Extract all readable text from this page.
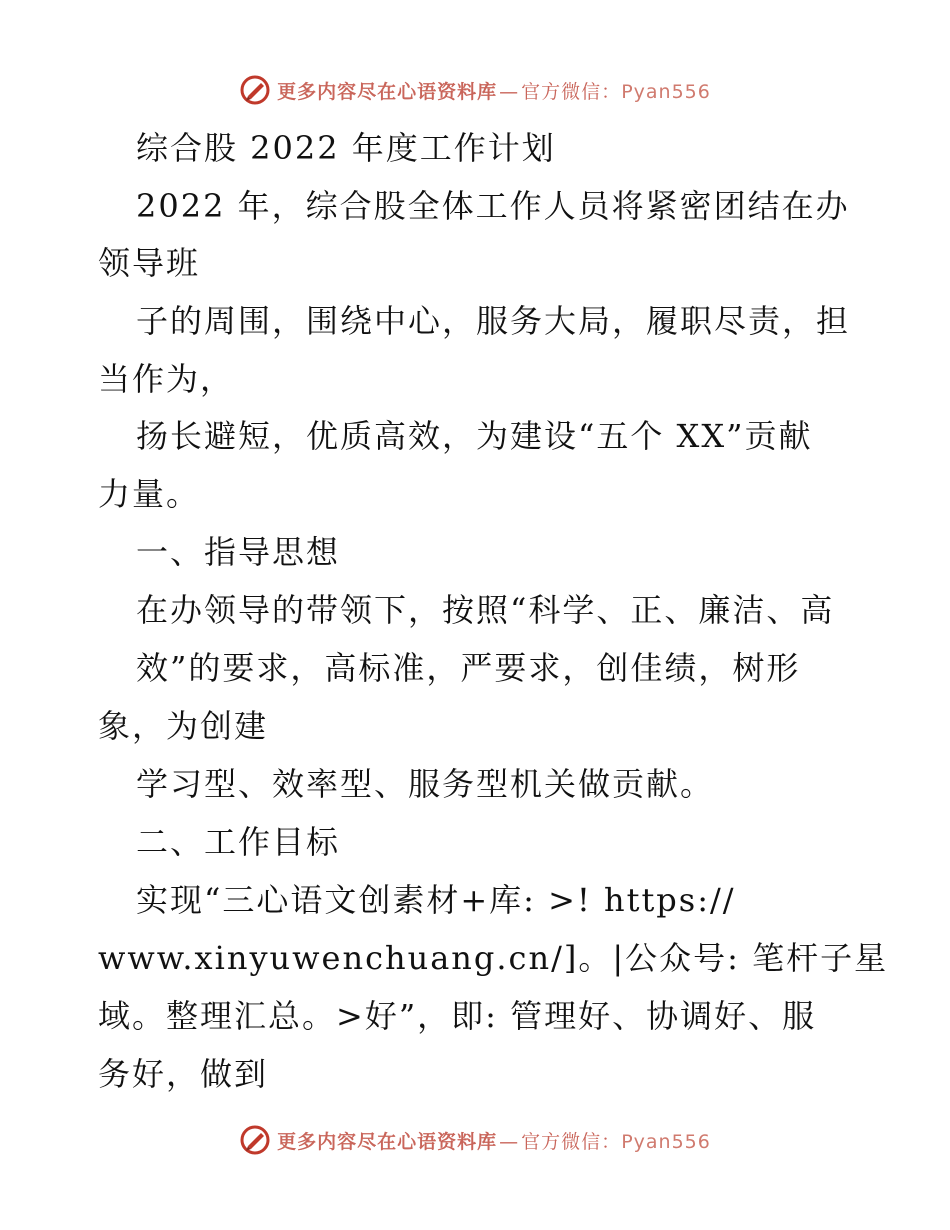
更多内容尽在心语资料库 — 官方微信：Pyan556
综合股 2022 年度工作计划
2022 年，综合股全体工作人员将紧密团结在办
领导班
子的周围，围绕中心，服务大局，履职尽责，担
当作为，
扬长避短，优质高效，为建设“五个 XX”贡献
力量。
一、指导思想
在办领导的带领下，按照“科学、正、廉洁、高
效”的要求，高标准，严要求，创佳绩，树形
象，为创建
学习型、效率型、服务型机关做贡献。
二、工作目标
实现“三心语文创素材+库: >! https://
www.xinyuwenchuang.cn/]。|公众号: 笔杆子星
域。整理汇总。>好”，即: 管理好、协调好、服
务好，做到
更多内容尽在心语资料库 — 官方微信：Pyan556
